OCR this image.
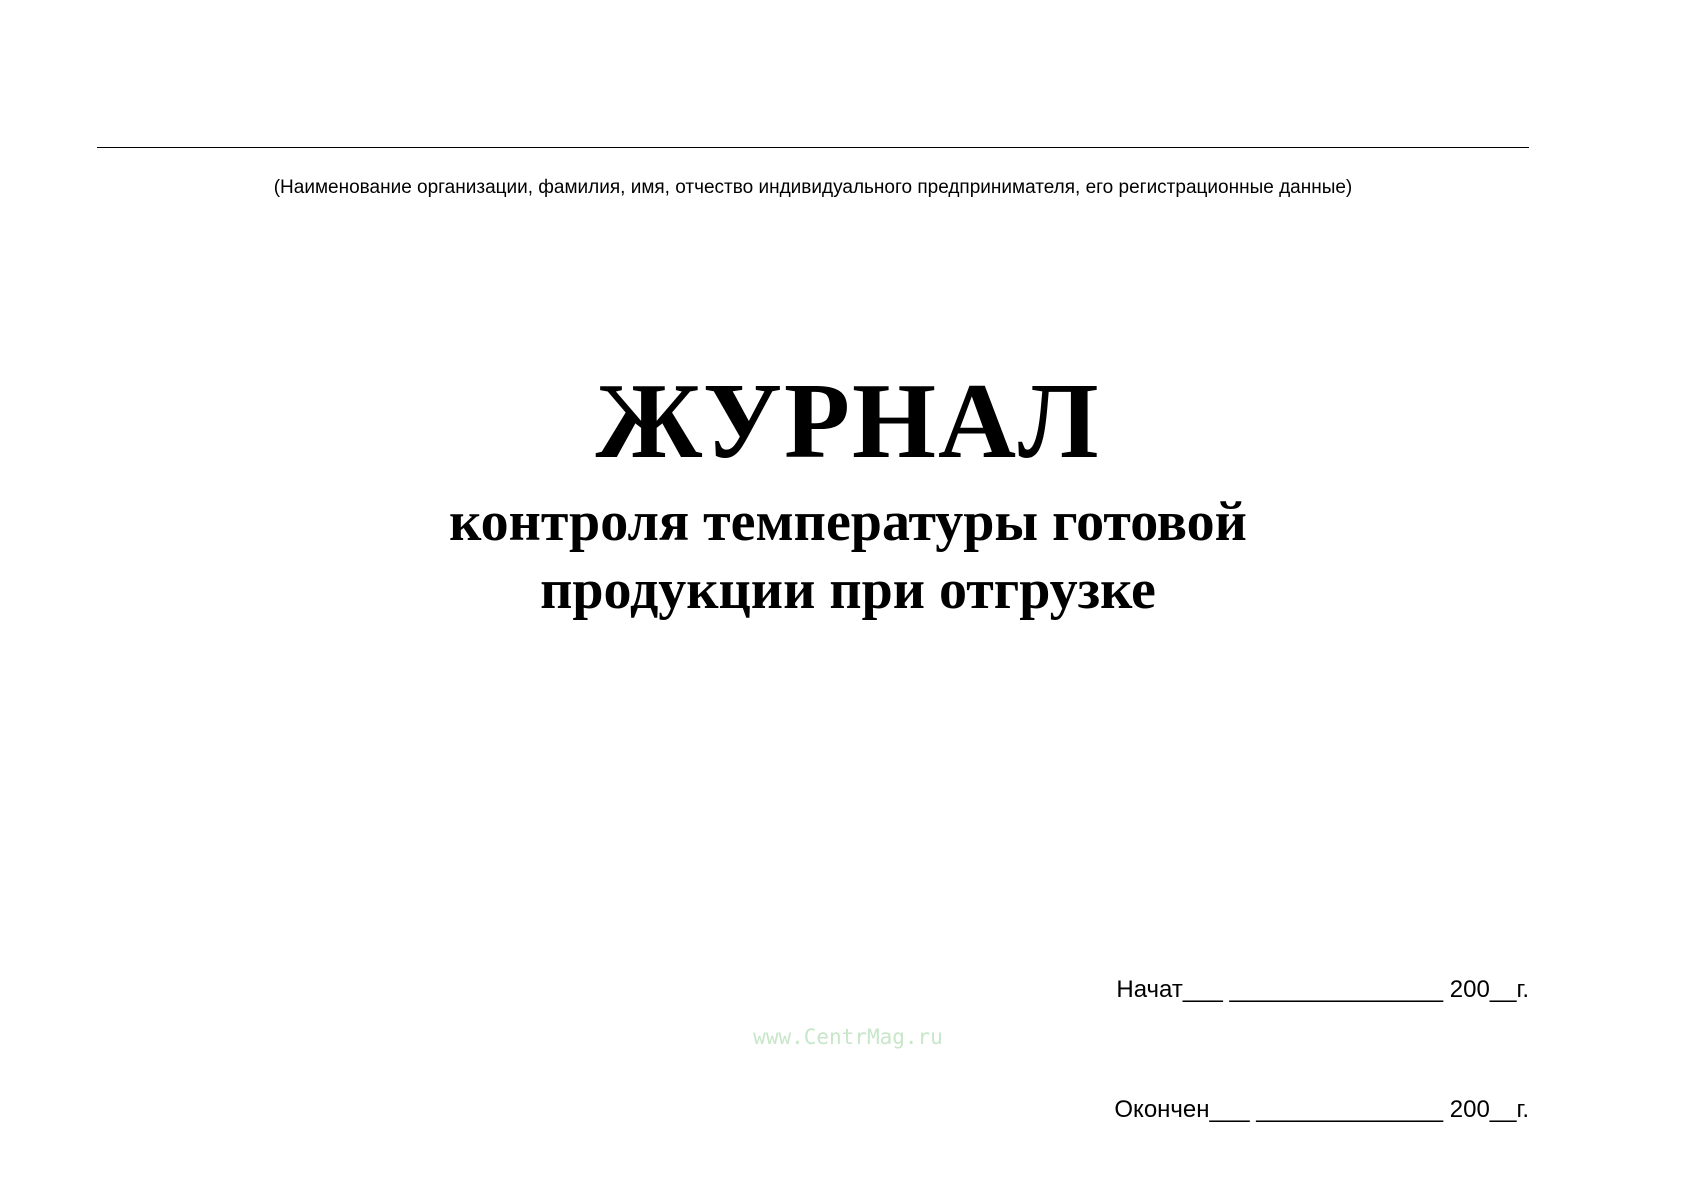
(Наименование организации, фамилия, имя, отчество индивидуального предпринимателя, его регистрационные данные)
ЖУРНАЛ
контроля температуры готовой
продукции при отгрузке

Начат___ ________________ 200__г.

Окончен___ ______________ 200__г.

www.CentrMag.ru
